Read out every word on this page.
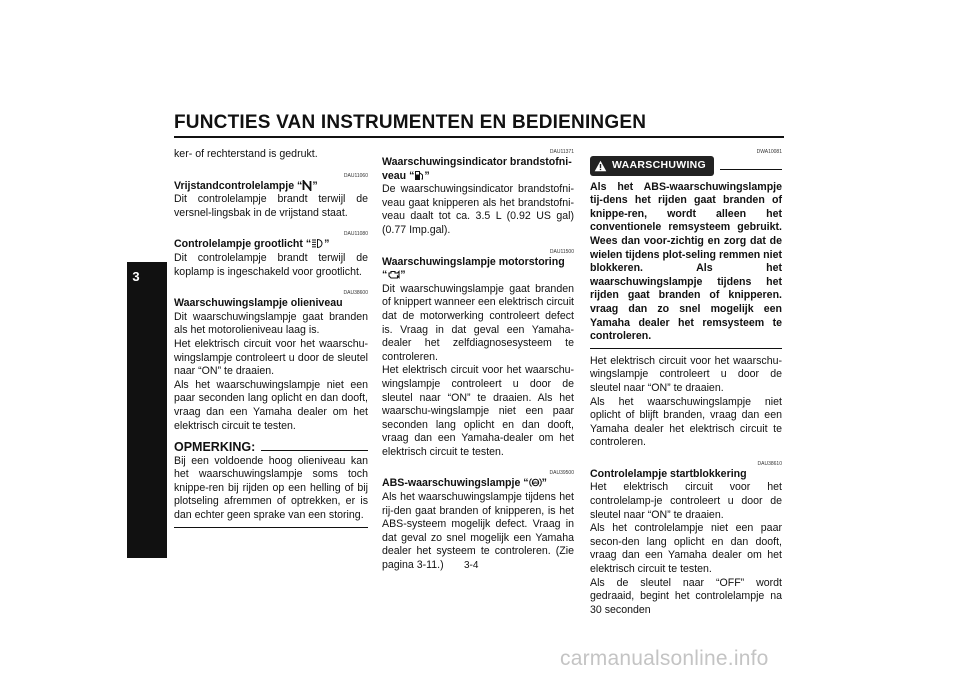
FUNCTIES VAN INSTRUMENTEN EN BEDIENINGEN
3
ker- of rechterstand is gedrukt.
DAU11060
Vrijstandcontrolelampje “ ”
Dit controlelampje brandt terwijl de versnel-lingsbak in de vrijstand staat.
DAU11080
Controlelampje grootlicht “ ”
Dit controlelampje brandt terwijl de koplamp is ingeschakeld voor grootlicht.
DAU38600
Waarschuwingslampje olieniveau
Dit waarschuwingslampje gaat branden als het motorolieniveau laag is.
Het elektrisch circuit voor het waarschu-wingslampje controleert u door de sleutel naar “ON” te draaien.
Als het waarschuwingslampje niet een paar seconden lang oplicht en dan dooft, vraag dan een Yamaha dealer om het elektrisch circuit te testen.
OPMERKING:
Bij een voldoende hoog olieniveau kan het waarschuwingslampje soms toch knippe-ren bij rijden op een helling of bij plotseling afremmen of optrekken, er is dan echter geen sprake van een storing.
DAU11371
Waarschuwingsindicator brandstofni-veau “ ”
De waarschuwingsindicator brandstofni-veau gaat knipperen als het brandstofni-veau daalt tot ca. 3.5 L (0.92 US gal) (0.77 Imp.gal).
DAU11500
Waarschuwingslampje motorstoring
“ ”
Dit waarschuwingslampje gaat branden of knippert wanneer een elektrisch circuit dat de motorwerking controleert defect is. Vraag in dat geval een Yamaha-dealer het zelfdiagnosesysteem te controleren.
Het elektrisch circuit voor het waarschu-wingslampje controleert u door de sleutel naar “ON” te draaien. Als het waarschu-wingslampje niet een paar seconden lang oplicht en dan dooft, vraag dan een Yamaha-dealer om het elektrisch circuit te testen.
DAU39500
ABS-waarschuwingslampje “ ABS ”
Als het waarschuwingslampje tijdens het rij-den gaat branden of knipperen, is het ABS-systeem mogelijk defect. Vraag in dat geval zo snel mogelijk een Yamaha dealer het systeem te controleren. (Zie pagina 3-11.)
DWA10081
WAARSCHUWING
Als het ABS-waarschuwingslampje tij-dens het rijden gaat branden of knippe-ren, wordt alleen het conventionele remsysteem gebruikt. Wees dan voor-zichtig en zorg dat de wielen tijdens plot-seling remmen niet blokkeren. Als het waarschuwingslampje tijdens het rijden gaat branden of knipperen. vraag dan zo snel mogelijk een Yamaha dealer het remsysteem te controleren.
Het elektrisch circuit voor het waarschu-wingslampje controleert u door de sleutel naar “ON” te draaien.
Als het waarschuwingslampje niet oplicht of blijft branden, vraag dan een Yamaha dealer het elektrisch circuit te controleren.
DAU38610
Controlelampje startblokkering
Het elektrisch circuit voor het controlelamp-je controleert u door de sleutel naar “ON” te draaien.
Als het controlelampje niet een paar secon-den lang oplicht en dan dooft, vraag dan een Yamaha dealer om het elektrisch circuit te testen.
Als de sleutel naar “OFF” wordt gedraaid, begint het controlelampje na 30 seconden
3-4
carmanualsonline.info
